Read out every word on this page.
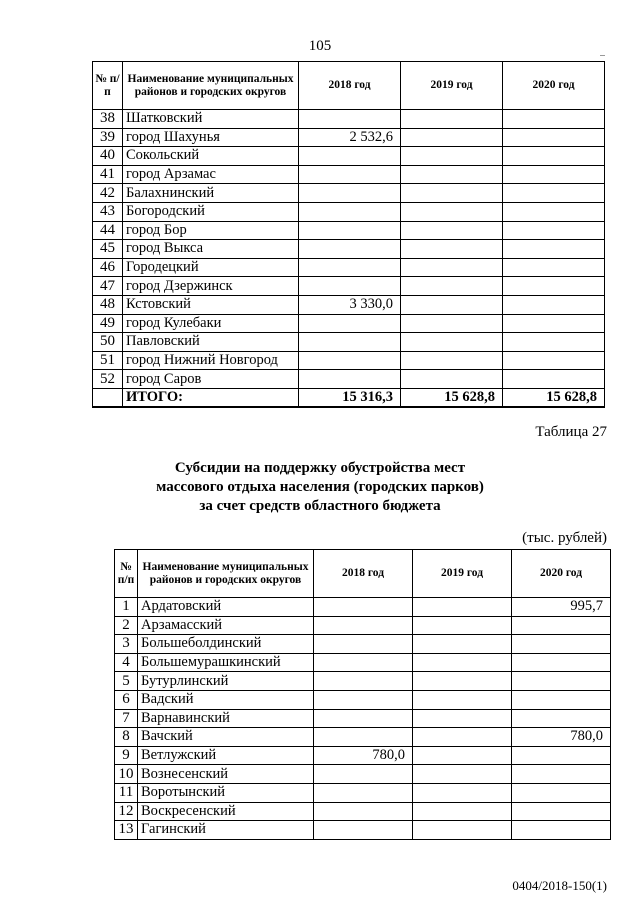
105
№ п/п	Наименование муниципальных районов и городских округов	2018 год	2019 год	2020 год
38	Шатковский			
39	город Шахунья	2 532,6		
40	Сокольский			
41	город Арзамас			
42	Балахнинский			
43	Богородский			
44	город Бор			
45	город Выкса			
46	Городецкий			
47	город Дзержинск			
48	Кстовский	3 330,0		
49	город Кулебаки			
50	Павловский			
51	город Нижний Новгород			
52	город Саров			
	ИТОГО:	15 316,3	15 628,8	15 628,8
Таблица 27
Субсидии на поддержку обустройства мест
массового отдыха населения (городских парков)
за счет средств областного бюджета
(тыс. рублей)
№ п/п	Наименование муниципальных районов и городских округов	2018 год	2019 год	2020 год
1	Ардатовский			995,7
2	Арзамасский			
3	Большеболдинский			
4	Большемурашкинский			
5	Бутурлинский			
6	Вадский			
7	Варнавинский			
8	Вачский			780,0
9	Ветлужский	780,0		
10	Вознесенский			
11	Воротынский			
12	Воскресенский			
13	Гагинский			
0404/2018-150(1)
